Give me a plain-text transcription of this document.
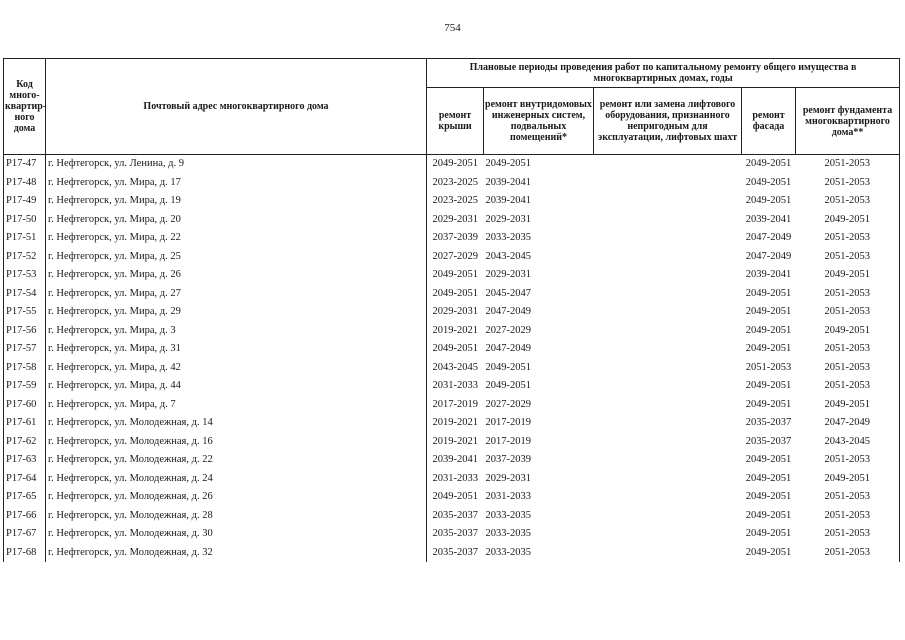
754
Код много-квартир-ного дома	Почтовый адрес многоквартирного дома	Плановые периоды проведения работ по капитальному ремонту общего имущества в многоквартирных домах, годы				
		ремонт крыши	ремонт внутридомовых инженерных систем, подвальных помещений*	ремонт или замена лифтового оборудования, признанного непригодным для эксплуатации, лифтовых шахт	ремонт фасада	ремонт фундамента многоквартирного дома**
Р17-47	г. Нефтегорск, ул. Ленина, д. 9	2049-2051	2049-2051		2049-2051	2051-2053
Р17-48	г. Нефтегорск, ул. Мира, д. 17	2023-2025	2039-2041		2049-2051	2051-2053
Р17-49	г. Нефтегорск, ул. Мира, д. 19	2023-2025	2039-2041		2049-2051	2051-2053
Р17-50	г. Нефтегорск, ул. Мира, д. 20	2029-2031	2029-2031		2039-2041	2049-2051
Р17-51	г. Нефтегорск, ул. Мира, д. 22	2037-2039	2033-2035		2047-2049	2051-2053
Р17-52	г. Нефтегорск, ул. Мира, д. 25	2027-2029	2043-2045		2047-2049	2051-2053
Р17-53	г. Нефтегорск, ул. Мира, д. 26	2049-2051	2029-2031		2039-2041	2049-2051
Р17-54	г. Нефтегорск, ул. Мира, д. 27	2049-2051	2045-2047		2049-2051	2051-2053
Р17-55	г. Нефтегорск, ул. Мира, д. 29	2029-2031	2047-2049		2049-2051	2051-2053
Р17-56	г. Нефтегорск, ул. Мира, д. 3	2019-2021	2027-2029		2049-2051	2049-2051
Р17-57	г. Нефтегорск, ул. Мира, д. 31	2049-2051	2047-2049		2049-2051	2051-2053
Р17-58	г. Нефтегорск, ул. Мира, д. 42	2043-2045	2049-2051		2051-2053	2051-2053
Р17-59	г. Нефтегорск, ул. Мира, д. 44	2031-2033	2049-2051		2049-2051	2051-2053
Р17-60	г. Нефтегорск, ул. Мира, д. 7	2017-2019	2027-2029		2049-2051	2049-2051
Р17-61	г. Нефтегорск, ул. Молодежная, д. 14	2019-2021	2017-2019		2035-2037	2047-2049
Р17-62	г. Нефтегорск, ул. Молодежная, д. 16	2019-2021	2017-2019		2035-2037	2043-2045
Р17-63	г. Нефтегорск, ул. Молодежная, д. 22	2039-2041	2037-2039		2049-2051	2051-2053
Р17-64	г. Нефтегорск, ул. Молодежная, д. 24	2031-2033	2029-2031		2049-2051	2049-2051
Р17-65	г. Нефтегорск, ул. Молодежная, д. 26	2049-2051	2031-2033		2049-2051	2051-2053
Р17-66	г. Нефтегорск, ул. Молодежная, д. 28	2035-2037	2033-2035		2049-2051	2051-2053
Р17-67	г. Нефтегорск, ул. Молодежная, д. 30	2035-2037	2033-2035		2049-2051	2051-2053
Р17-68	г. Нефтегорск, ул. Молодежная, д. 32	2035-2037	2033-2035		2049-2051	2051-2053
